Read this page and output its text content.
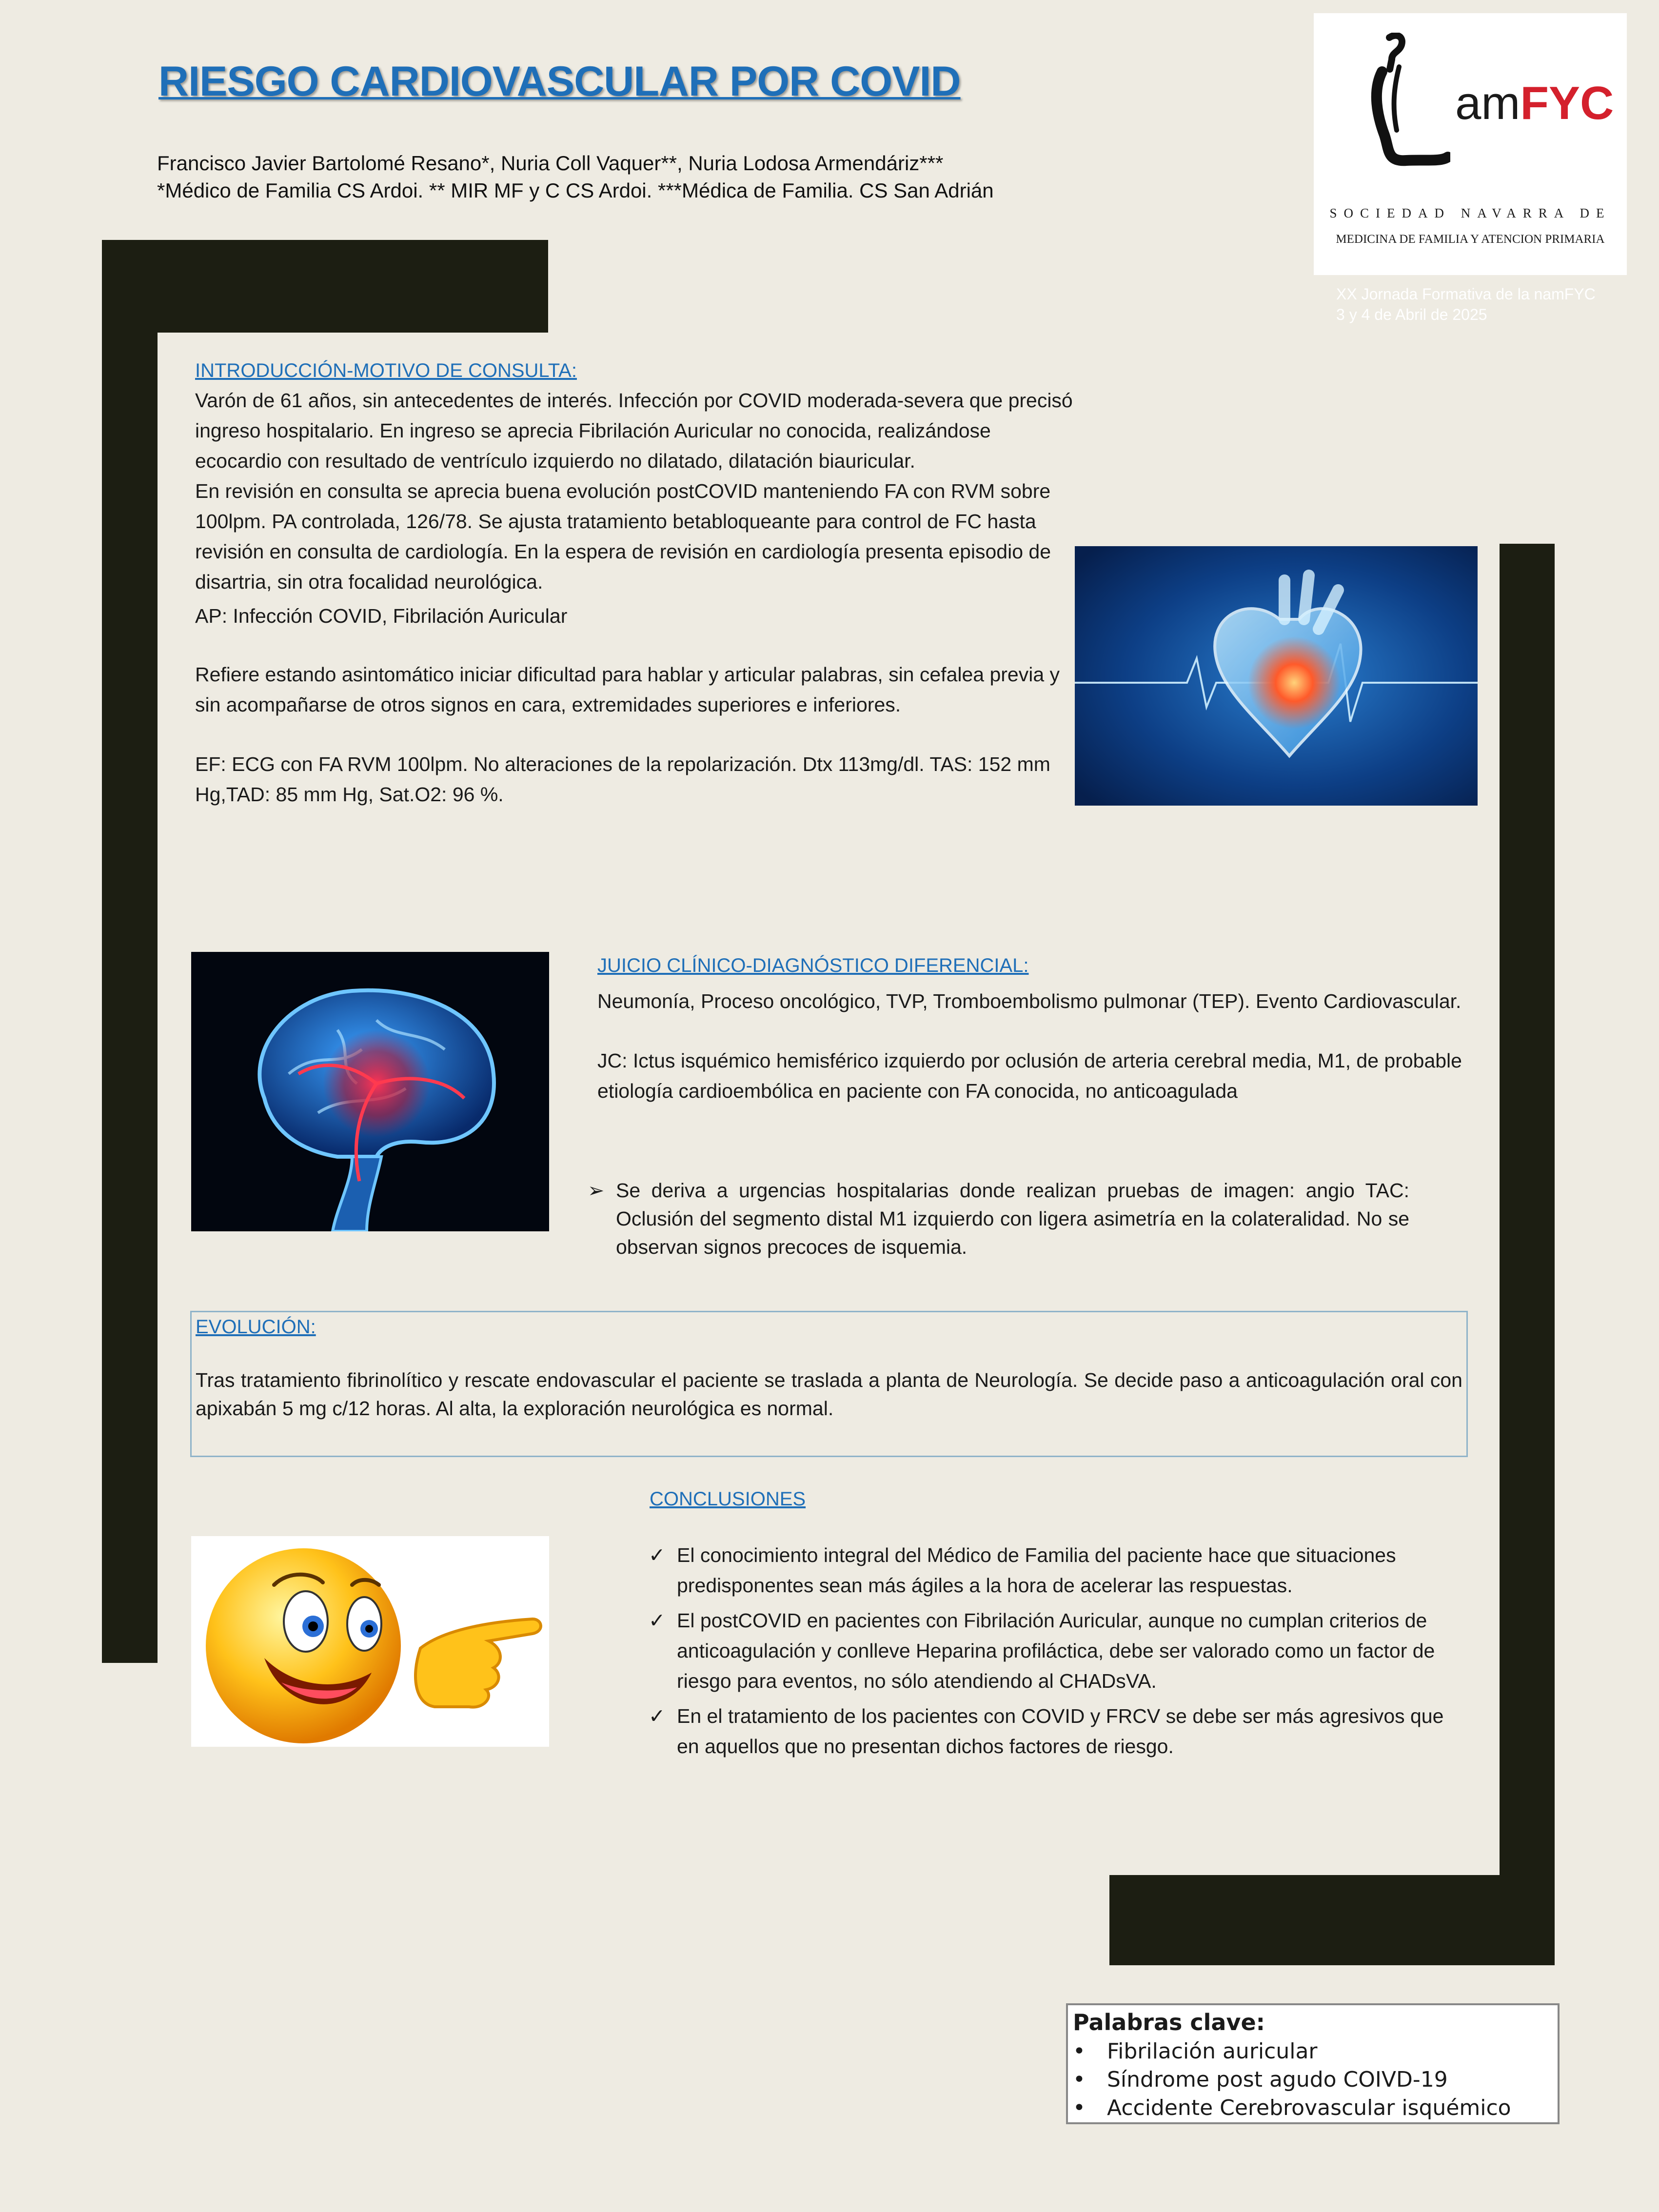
RIESGO CARDIOVASCULAR POR COVID
Francisco Javier Bartolomé Resano*, Nuria Coll Vaquer**, Nuria Lodosa Armendáriz***
*Médico de Familia CS Ardoi. ** MIR MF y C CS Ardoi. ***Médica de Familia. CS San Adrián
amFYC
SOCIEDAD NAVARRA DE
MEDICINA DE FAMILIA Y ATENCION PRIMARIA
XX Jornada Formativa de la namFYC
3 y 4 de Abril de 2025
INTRODUCCIÓN-MOTIVO DE CONSULTA:

Varón de 61 años, sin antecedentes de interés. Infección por COVID moderada-severa que precisó ingreso hospitalario. En ingreso se aprecia Fibrilación Auricular no conocida, realizándose ecocardio con resultado de ventrículo izquierdo no dilatado, dilatación biauricular.

En revisión en consulta se aprecia buena evolución postCOVID manteniendo FA con RVM sobre 100lpm. PA controlada, 126/78. Se ajusta tratamiento betabloqueante para control de FC hasta revisión en consulta de cardiología. En la espera de revisión en cardiología presenta episodio de disartria, sin otra focalidad neurológica.

AP: Infección COVID, Fibrilación Auricular

Refiere estando asintomático iniciar dificultad para hablar y articular palabras, sin cefalea previa y sin acompañarse de otros signos en cara, extremidades superiores e inferiores.

EF: ECG con FA RVM 100lpm. No alteraciones de la repolarización. Dtx 113mg/dl. TAS: 152 mm Hg,TAD: 85 mm Hg, Sat.O2: 96 %.

JUICIO CLÍNICO-DIAGNÓSTICO DIFERENCIAL:

Neumonía, Proceso oncológico, TVP, Tromboembolismo pulmonar (TEP). Evento Cardiovascular.

JC: Ictus isquémico hemisférico izquierdo por oclusión de arteria cerebral media, M1, de probable etiología cardioembólica en paciente con FA conocida, no anticoagulada

➢ Se deriva a urgencias hospitalarias donde realizan pruebas de imagen: angio TAC: Oclusión del segmento distal M1 izquierdo con ligera asimetría en la colateralidad. No se observan signos precoces de isquemia.
EVOLUCIÓN:
Tras tratamiento fibrinolítico y rescate endovascular el paciente se traslada a planta de Neurología. Se decide paso a anticoagulación oral con apixabán 5 mg c/12 horas. Al alta, la exploración neurológica es normal.
CONCLUSIONES
✓ El conocimiento integral del Médico de Familia del paciente hace que situaciones predisponentes sean más ágiles a la hora de acelerar las respuestas.
✓ El postCOVID en pacientes con Fibrilación Auricular, aunque no cumplan criterios de anticoagulación y conlleve Heparina profiláctica, debe ser valorado como un factor de riesgo para eventos, no sólo atendiendo al CHADsVA.
✓ En el tratamiento de los pacientes con COVID y FRCV se debe ser más agresivos que en aquellos que no presentan dichos factores de riesgo.
Palabras clave:
• Fibrilación auricular
• Síndrome post agudo COIVD-19
• Accidente Cerebrovascular isquémico
